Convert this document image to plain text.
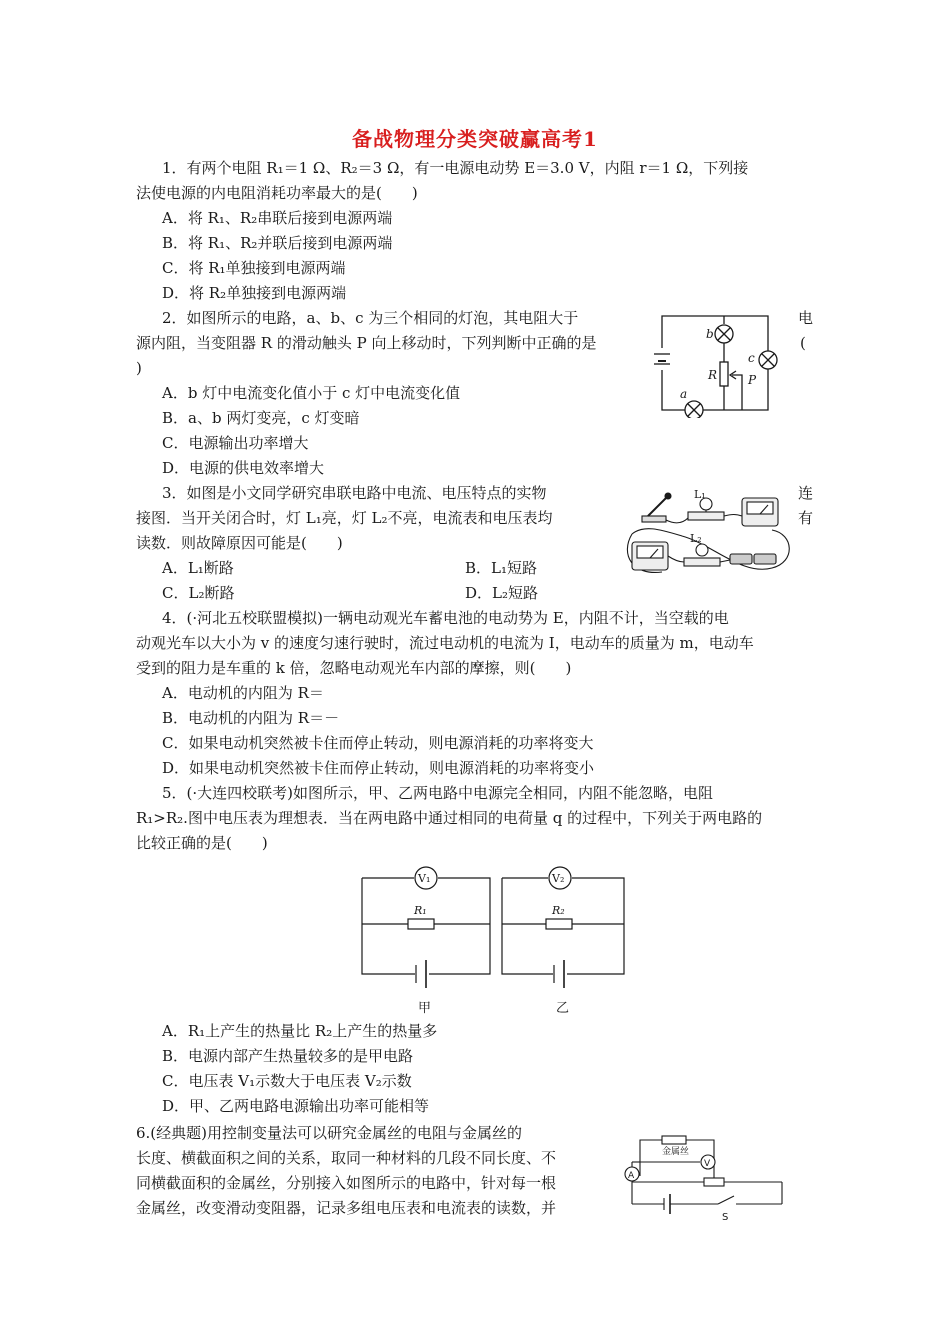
备战物理分类突破赢高考1
1．有两个电阻 R₁＝1 Ω、R₂＝3 Ω，有一电源电动势 E＝3.0 V，内阻 r＝1 Ω，下列接
法使电源的内电阻消耗功率最大的是(　　)
A．将 R₁、R₂串联后接到电源两端
B．将 R₁、R₂并联后接到电源两端
C．将 R₁单独接到电源两端
D．将 R₂单独接到电源两端
2．如图所示的电路，a、b、c 为三个相同的灯泡，其电阻大于	电
源内阻，当变阻器 R 的滑动触头 P 向上移动时，下列判断中正确的是	(
)
A．b 灯中电流变化值小于 c 灯中电流变化值
B．a、b 两灯变亮，c 灯变暗
C．电源输出功率增大
D．电源的供电效率增大
b
c
R	P
a
3．如图是小文同学研究串联电路中电流、电压特点的实物	连
接图．当开关闭合时，灯 L₁亮，灯 L₂不亮，电流表和电压表均	有
读数．则故障原因可能是(　　)
A．L₁断路	B．L₁短路
C．L₂断路	D．L₂短路
L₁
L₂
4．(·河北五校联盟模拟)一辆电动观光车蓄电池的电动势为 E，内阻不计，当空载的电
动观光车以大小为 v 的速度匀速行驶时，流过电动机的电流为 I，电动车的质量为 m，电动车
受到的阻力是车重的 k 倍，忽略电动观光车内部的摩擦，则(　　)
A．电动机的内阻为 R＝
B．电动机的内阻为 R＝－
C．如果电动机突然被卡住而停止转动，则电源消耗的功率将变大
D．如果电动机突然被卡住而停止转动，则电源消耗的功率将变小
5．(·大连四校联考)如图所示，甲、乙两电路中电源完全相同，内阻不能忽略，电阻
R₁>R₂.图中电压表为理想表．当在两电路中通过相同的电荷量 q 的过程中，下列关于两电路的
比较正确的是(　　)
V₁	V₂
R₁	R₂
甲	乙
A．R₁上产生的热量比 R₂上产生的热量多
B．电源内部产生热量较多的是甲电路
C．电压表 V₁示数大于电压表 V₂示数
D．甲、乙两电路电源输出功率可能相等
6.(经典题)用控制变量法可以研究金属丝的电阻与金属丝的
长度、横截面积之间的关系，取同一种材料的几段不同长度、不
同横截面积的金属丝，分别接入如图所示的电路中，针对每一根
金属丝，改变滑动变阻器，记录多组电压表和电流表的读数，并
金属丝
V
A
S
